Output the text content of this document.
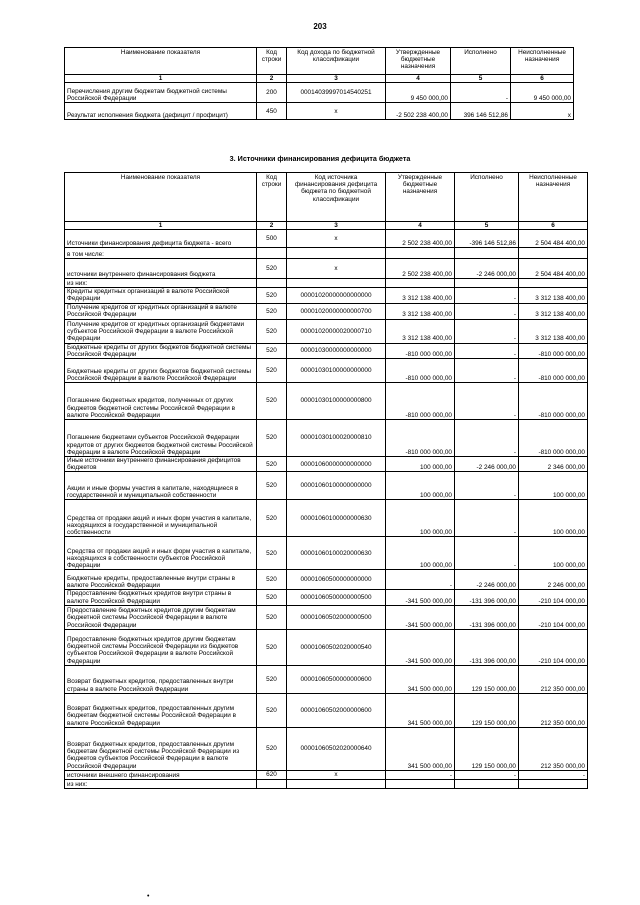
203
Наименование показателя	Код строки	Код дохода по бюджетной классификации	Утвержденные бюджетные назначения	Исполнено	Неисполненные назначения
1	2	3	4	5	6
Перечисления другим бюджетам бюджетной системы Российской Федерации	200	00014039997014540251	9 450 000,00	-	9 450 000,00
Результат исполнения бюджета (дефицит / профицит)	450	x	-2 502 238 400,00	396 146 512,86	x
3. Источники финансирования дефицита бюджета
Наименование показателя	Код строки	Код источника финансирования дефицита бюджета по бюджетной классификации	Утвержденные бюджетные назначения	Исполнено	Неисполненные назначения
1	2	3	4	5	6
Источники финансирования дефицита бюджета - всего	500	x	2 502 238 400,00	-396 146 512,86	2 504 484 400,00
в том числе:					
источники внутреннего финансирования бюджета	520	x	2 502 238 400,00	-2 246 000,00	2 504 484 400,00
из них:					
Кредиты кредитных организаций в валюте Российской Федерации	520	00001020000000000000	3 312 138 400,00	-	3 312 138 400,00
Получение кредитов от кредитных организаций в валюте Российской Федерации	520	00001020000000000700	3 312 138 400,00	-	3 312 138 400,00
Получение кредитов от кредитных организаций бюджетами субъектов Российской Федерации в валюте Российской Федерации	520	00001020000020000710	3 312 138 400,00	-	3 312 138 400,00
Бюджетные кредиты от других бюджетов бюджетной системы Российской Федерации	520	00001030000000000000	-810 000 000,00	-	-810 000 000,00
Бюджетные кредиты от других бюджетов бюджетной системы Российской Федерации в валюте Российской Федерации	520	00001030100000000000	-810 000 000,00	-	-810 000 000,00
Погашение бюджетных кредитов, полученных от других бюджетов бюджетной системы Российской Федерации в валюте Российской Федерации	520	00001030100000000800	-810 000 000,00	-	-810 000 000,00
Погашение бюджетами субъектов Российской Федерации кредитов от других бюджетов бюджетной системы Российской Федерации в валюте Российской Федерации	520	00001030100020000810	-810 000 000,00	-	-810 000 000,00
Иные источники внутреннего финансирования дефицитов бюджетов	520	00001060000000000000	100 000,00	-2 246 000,00	2 346 000,00
Акции и иные формы участия в капитале, находящиеся в государственной и муниципальной собственности	520	00001060100000000000	100 000,00	-	100 000,00
Средства от продажи акций и иных форм участия в капитале, находящихся в государственной и муниципальной собственности	520	00001060100000000630	100 000,00	-	100 000,00
Средства от продажи акций и иных форм участия в капитале, находящихся в собственности субъектов Российской Федерации	520	00001060100020000630	100 000,00	-	100 000,00
Бюджетные кредиты, предоставленные внутри страны в валюте Российской Федерации	520	00001060500000000000	-	-2 246 000,00	2 246 000,00
Предоставление бюджетных кредитов внутри страны в валюте Российской Федерации	520	00001060500000000500	-341 500 000,00	-131 396 000,00	-210 104 000,00
Предоставление бюджетных кредитов другим бюджетам бюджетной системы Российской Федерации в валюте Российской Федерации	520	00001060502000000500	-341 500 000,00	-131 396 000,00	-210 104 000,00
Предоставление бюджетных кредитов другим бюджетам бюджетной системы Российской Федерации из бюджетов субъектов Российской Федерации в валюте Российской Федерации	520	00001060502020000540	-341 500 000,00	-131 396 000,00	-210 104 000,00
Возврат бюджетных кредитов, предоставленных внутри страны в валюте Российской Федерации	520	00001060500000000600	341 500 000,00	129 150 000,00	212 350 000,00
Возврат бюджетных кредитов, предоставленных другим бюджетам бюджетной системы Российской Федерации в валюте Российской Федерации	520	00001060502000000600	341 500 000,00	129 150 000,00	212 350 000,00
Возврат бюджетных кредитов, предоставленных другим бюджетам бюджетной системы Российской Федерации из бюджетов субъектов Российской Федерации в валюте Российской Федерации	520	00001060502020000640	341 500 000,00	129 150 000,00	212 350 000,00
источники внешнего финансирования	620	x	-	-	-
из них:					
•
